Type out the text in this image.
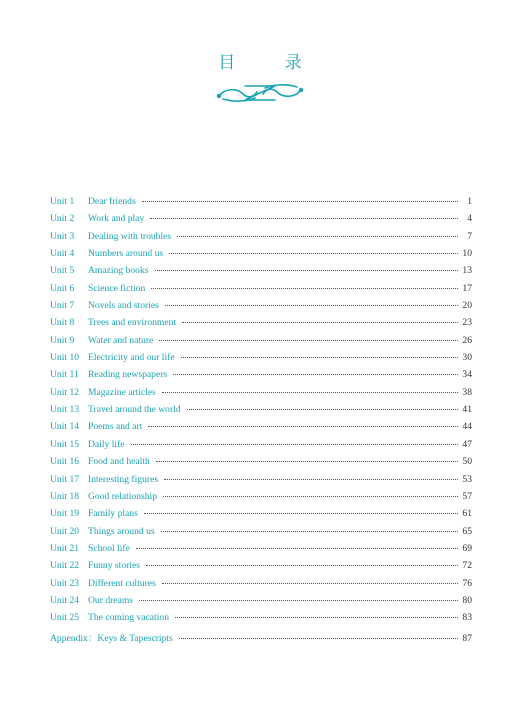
目 录
Unit 1	Dear friends	1
Unit 2	Work and play	4
Unit 3	Dealing with troubles	7
Unit 4	Numbers around us	10
Unit 5	Amazing books	13
Unit 6	Science fiction	17
Unit 7	Novels and stories	20
Unit 8	Trees and environment	23
Unit 9	Water and nature	26
Unit 10 Electricity and our life	30
Unit 11 Reading newspapers	34
Unit 12 Magazine articles	38
Unit 13 Travel around the world	41
Unit 14 Poems and art	44
Unit 15 Daily life	47
Unit 16 Food and health	50
Unit 17 Interesting figures	53
Unit 18 Good relationship	57
Unit 19 Family plans	61
Unit 20 Things around us	65
Unit 21 School life	69
Unit 22 Funny stories	72
Unit 23 Different cultures	76
Unit 24 Our dreams	80
Unit 25 The coming vacation	83
Appendix：Keys & Tapescripts	87
